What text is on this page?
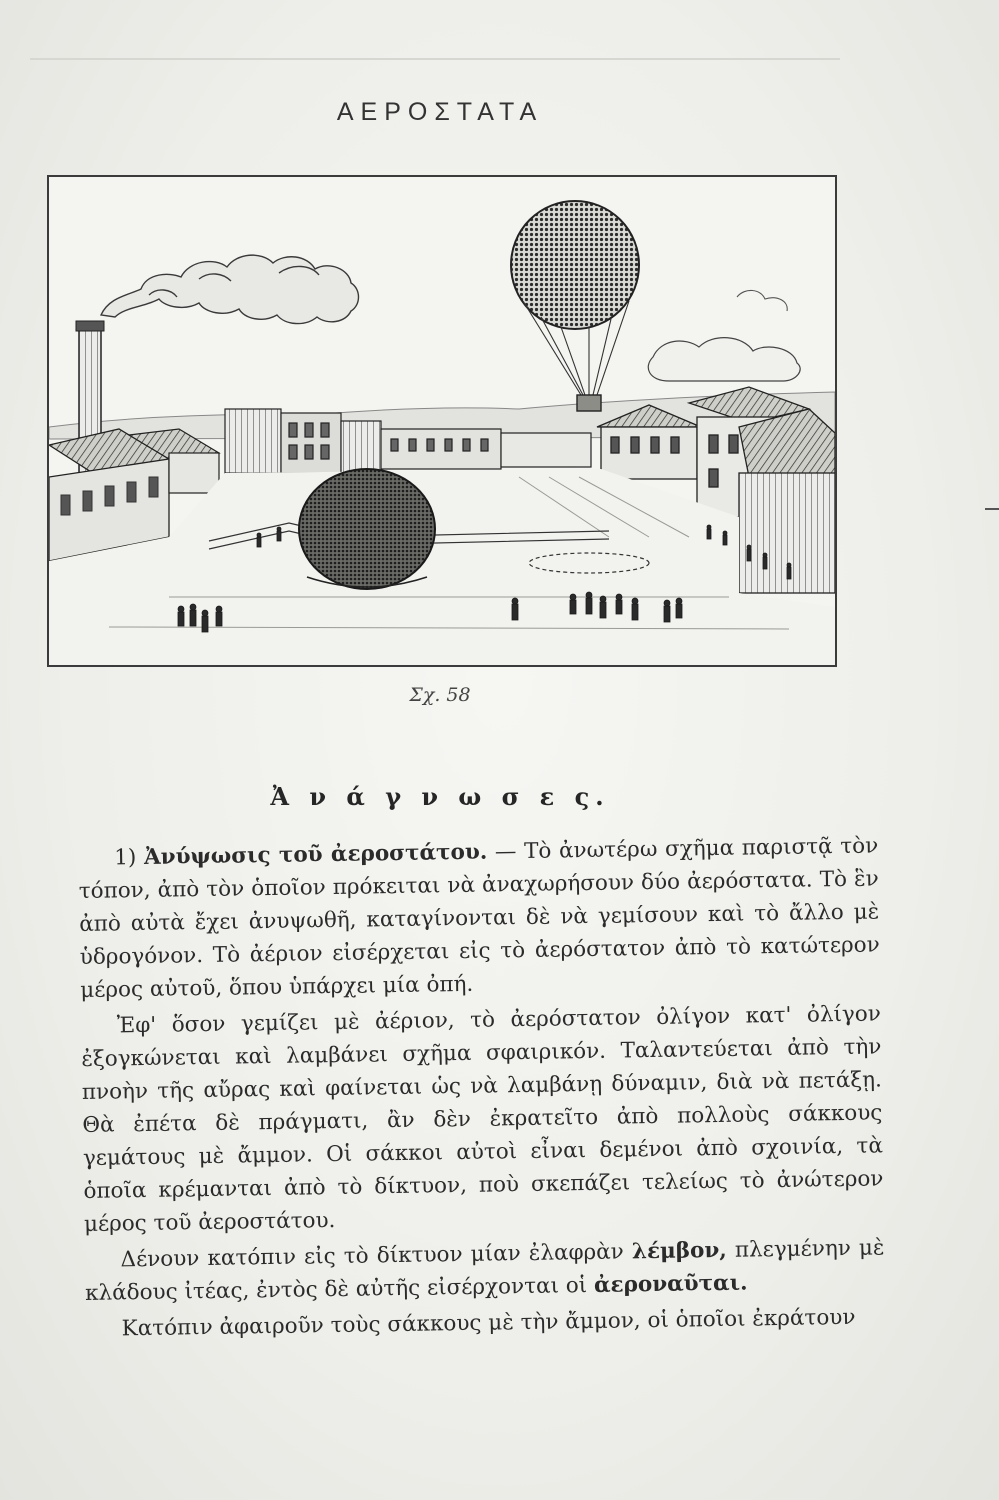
ΑΕΡΟΣΤΑΤΑ
Σχ. 58
Ἀ ν ά γ ν ω σ ε ς.

1) Ἀνύψωσις τοῦ ἀεροστάτου. — Τὸ ἀνωτέρω σχῆμα παριστᾷ τὸν τόπον, ἀπὸ τὸν ὁποῖον πρόκειται νὰ ἀναχωρήσουν δύο ἀερόστατα. Τὸ ἓν ἀπὸ αὐτὰ ἔχει ἀνυψωθῆ, καταγίνονται δὲ νὰ γεμίσουν καὶ τὸ ἄλλο μὲ ὑδρογόνον. Τὸ ἀέριον εἰσέρχεται εἰς τὸ ἀερόστατον ἀπὸ τὸ κατώτερον μέρος αὐτοῦ, ὅπου ὑπάρχει μία ὀπή.

Ἐφ' ὅσον γεμίζει μὲ ἀέριον, τὸ ἀερόστατον ὀλίγον κατ' ὀλίγον ἐξογκώνεται καὶ λαμβάνει σχῆμα σφαιρικόν. Ταλαντεύεται ἀπὸ τὴν πνοὴν τῆς αὔρας καὶ φαίνεται ὡς νὰ λαμβάνῃ δύναμιν, διὰ νὰ πετάξῃ. Θὰ ἐπέτα δὲ πράγματι, ἂν δὲν ἐκρατεῖτο ἀπὸ πολλοὺς σάκκους γεμάτους μὲ ἄμμον. Οἱ σάκκοι αὐτοὶ εἶναι δεμένοι ἀπὸ σχοινία, τὰ ὁποῖα κρέμανται ἀπὸ τὸ δίκτυον, ποὺ σκεπάζει τελείως τὸ ἀνώτερον μέρος τοῦ ἀεροστάτου.

Δένουν κατόπιν εἰς τὸ δίκτυον μίαν ἐλαφρὰν λέμβον, πλεγμένην μὲ κλάδους ἰτέας, ἐντὸς δὲ αὐτῆς εἰσέρχονται οἱ ἀεροναῦται.

Κατόπιν ἀφαιροῦν τοὺς σάκκους μὲ τὴν ἄμμον, οἱ ὁποῖοι ἐκράτουν
